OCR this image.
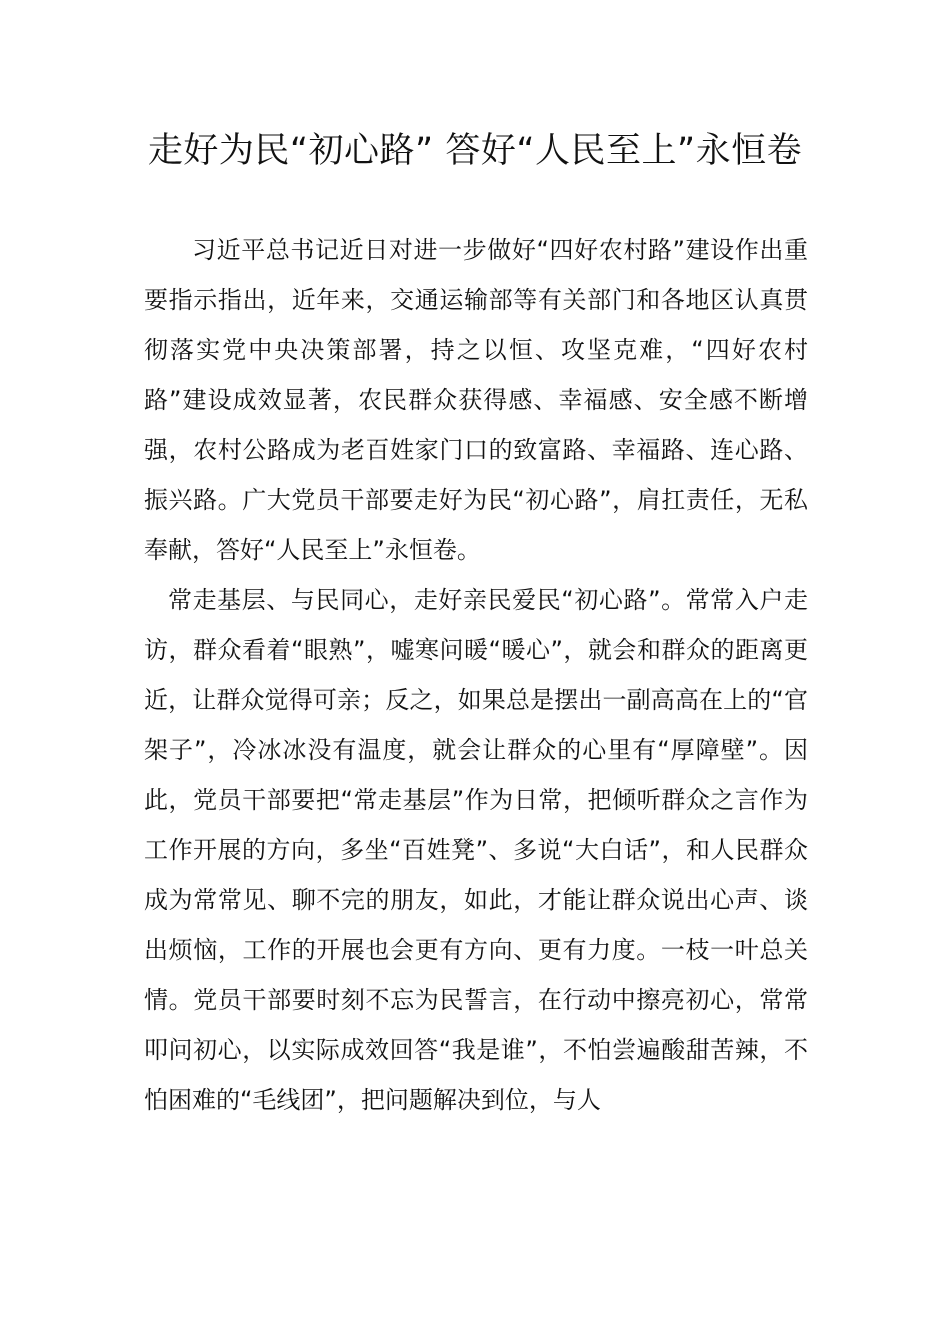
走好为民“初心路” 答好“人民至上”永恒卷

习近平总书记近日对进一步做好“四好农村路”建设作出重要指示指出，近年来，交通运输部等有关部门和各地区认真贯彻落实党中央决策部署，持之以恒、攻坚克难，“四好农村路”建设成效显著，农民群众获得感、幸福感、安全感不断增强，农村公路成为老百姓家门口的致富路、幸福路、连心路、振兴路。广大党员干部要走好为民“初心路”，肩扛责任，无私奉献，答好“人民至上”永恒卷。

常走基层、与民同心，走好亲民爱民“初心路”。常常入户走访，群众看着“眼熟”，嘘寒问暖“暖心”，就会和群众的距离更近，让群众觉得可亲；反之，如果总是摆出一副高高在上的“官架子”，冷冰冰没有温度，就会让群众的心里有“厚障壁”。因此，党员干部要把“常走基层”作为日常，把倾听群众之言作为工作开展的方向，多坐“百姓凳”、多说“大白话”，和人民群众成为常常见、聊不完的朋友，如此，才能让群众说出心声、谈出烦恼，工作的开展也会更有方向、更有力度。一枝一叶总关情。党员干部要时刻不忘为民誓言，在行动中擦亮初心，常常叩问初心，以实际成效回答“我是谁”，不怕尝遍酸甜苦辣，不怕困难的“毛线团”，把问题解决到位，与人
